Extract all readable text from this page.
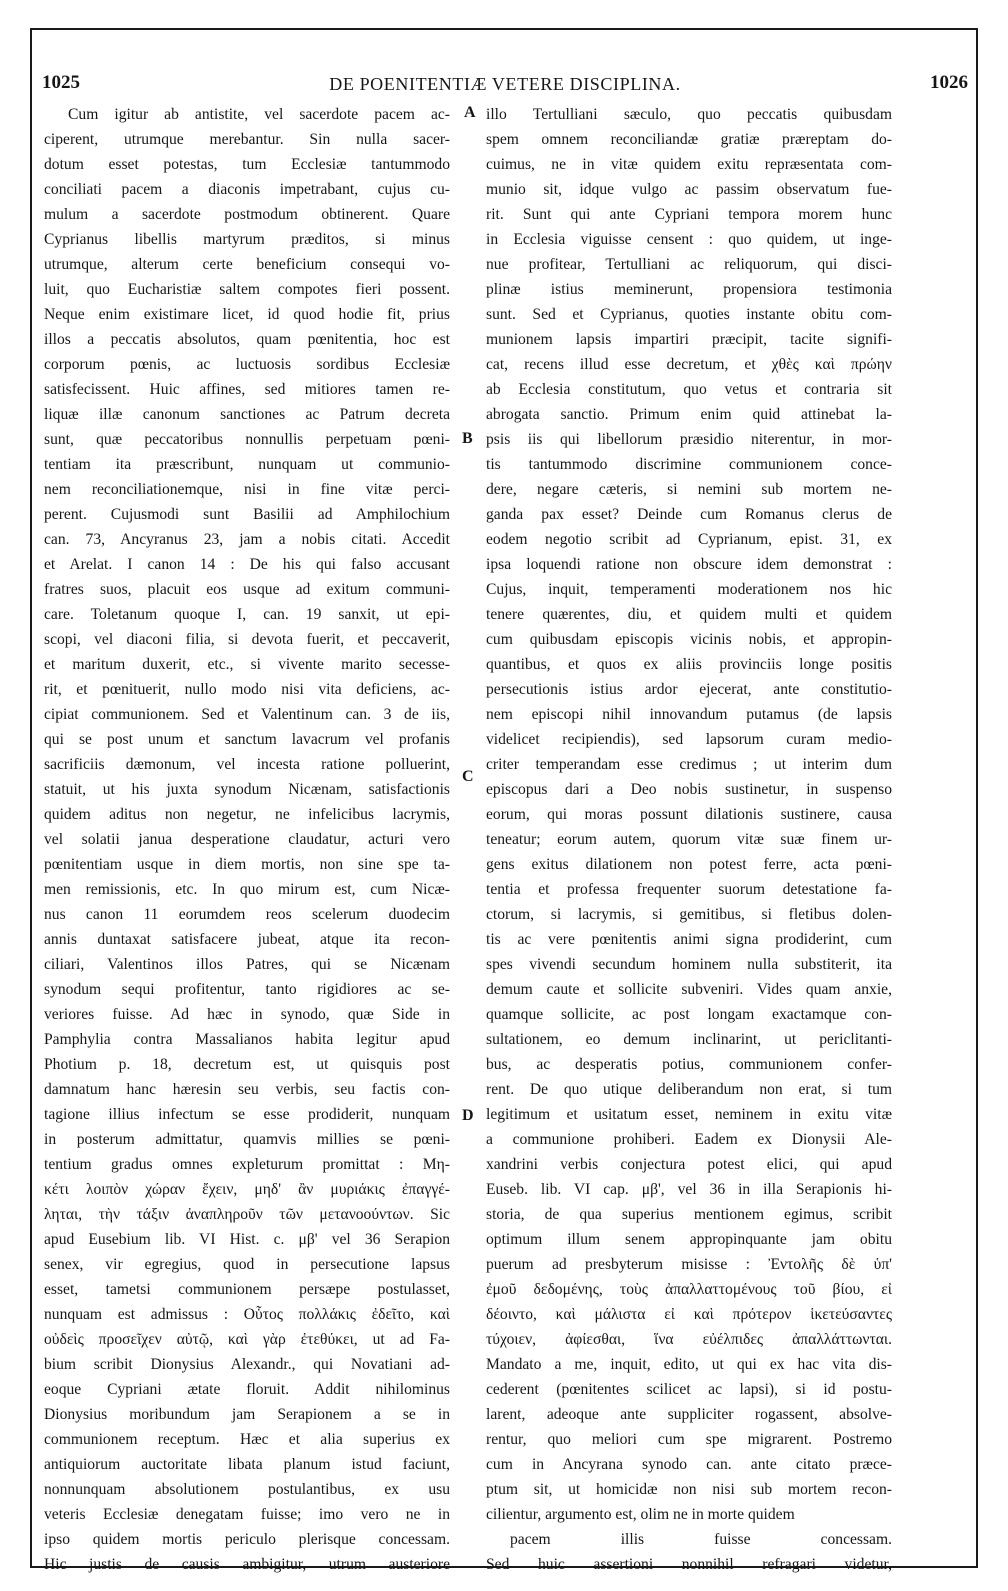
1025	DE POENITENTIÆ VETERE DISCIPLINA.	1026
A
B
C
D
Cum igitur ab antistite, vel sacerdote pacem ac-
ciperent, utrumque merebantur. Sin nulla sacer-
dotum esset potestas, tum Ecclesiæ tantummodo
conciliati pacem a diaconis impetrabant, cujus cu-
mulum a sacerdote postmodum obtinerent. Quare
Cyprianus libellis martyrum præditos, si minus
utrumque, alterum certe beneficium consequi vo-
luit, quo Eucharistiæ saltem compotes fieri possent.
Neque enim existimare licet, id quod hodie fit, prius
illos a peccatis absolutos, quam pœnitentia, hoc est
corporum pœnis, ac luctuosis sordibus Ecclesiæ
satisfecissent. Huic affines, sed mitiores tamen re-
liquæ illæ canonum sanctiones ac Patrum decreta
sunt, quæ peccatoribus nonnullis perpetuam pœni-
tentiam ita præscribunt, nunquam ut communio-
nem reconciliationemque, nisi in fine vitæ perci-
perent. Cujusmodi sunt Basilii ad Amphilochium
can. 73, Ancyranus 23, jam a nobis citati. Accedit
et Arelat. I canon 14 : De his qui falso accusant
fratres suos, placuit eos usque ad exitum communi-
care. Toletanum quoque I, can. 19 sanxit, ut epi-
scopi, vel diaconi filia, si devota fuerit, et peccaverit,
et maritum duxerit, etc., si vivente marito secesse-
rit, et pœnituerit, nullo modo nisi vita deficiens, ac-
cipiat communionem. Sed et Valentinum can. 3 de iis,
qui se post unum et sanctum lavacrum vel profanis
sacrificiis dæmonum, vel incesta ratione polluerint,
statuit, ut his juxta synodum Nicænam, satisfactionis
quidem aditus non negetur, ne infelicibus lacrymis,
vel solatii janua desperatione claudatur, acturi vero
pœnitentiam usque in diem mortis, non sine spe ta-
men remissionis, etc. In quo mirum est, cum Nicæ-
nus canon 11 eorumdem reos scelerum duodecim
annis duntaxat satisfacere jubeat, atque ita recon-
ciliari, Valentinos illos Patres, qui se Nicænam
synodum sequi profitentur, tanto rigidiores ac se-
veriores fuisse. Ad hæc in synodo, quæ Side in
Pamphylia contra Massalianos habita legitur apud
Photium p. 18, decretum est, ut quisquis post
damnatum hanc hæresin seu verbis, seu factis con-
tagione illius infectum se esse prodiderit, nunquam
in posterum admittatur, quamvis millies se pœni-
tentium gradus omnes expleturum promittat : Μη-
κέτι λοιπὸν χώραν ἔχειν, μηδ' ἂν μυριάκις ἐπαγγέ-
ληται, τὴν τάξιν ἀναπληροῦν τῶν μετανοούντων. Sic
apud Eusebium lib. VI Hist. c. μβ' vel 36 Serapion
senex, vir egregius, quod in persecutione lapsus
esset, tametsi communionem persæpe postulasset,
nunquam est admissus : Οὗτος πολλάκις ἐδεῖτο, καὶ
οὐδεὶς προσεῖχεν αὐτῷ, καὶ γὰρ ἐτεθύκει, ut ad Fa-
bium scribit Dionysius Alexandr., qui Novatiani ad-
eoque Cypriani ætate floruit. Addit nihilominus
Dionysius moribundum jam Serapionem a se in
communionem receptum. Hæc et alia superius ex
antiquiorum auctoritate libata planum istud faciunt,
nonnunquam absolutionem postulantibus, ex usu
veteris Ecclesiæ denegatam fuisse; imo vero ne in
ipso quidem mortis periculo plerisque concessam.
Hic justis de causis ambigitur, utrum austeriore
illo Tertulliani sæculo, quo peccatis quibusdam
spem omnem reconciliandæ gratiæ præreptam do-
cuimus, ne in vitæ quidem exitu repræsentata com-
munio sit, idque vulgo ac passim observatum fue-
rit. Sunt qui ante Cypriani tempora morem hunc
in Ecclesia viguisse censent : quo quidem, ut inge-
nue profitear, Tertulliani ac reliquorum, qui disci-
plinæ istius meminerunt, propensiora testimonia
sunt. Sed et Cyprianus, quoties instante obitu com-
munionem lapsis impartiri præcipit, tacite signifi-
cat, recens illud esse decretum, et χθὲς καὶ πρώην
ab Ecclesia constitutum, quo vetus et contraria sit
abrogata sanctio. Primum enim quid attinebat la-
psis iis qui libellorum præsidio niterentur, in mor-
tis tantummodo discrimine communionem conce-
dere, negare cæteris, si nemini sub mortem ne-
ganda pax esset? Deinde cum Romanus clerus de
eodem negotio scribit ad Cyprianum, epist. 31, ex
ipsa loquendi ratione non obscure idem demonstrat :
Cujus, inquit, temperamenti moderationem nos hic
tenere quærentes, diu, et quidem multi et quidem
cum quibusdam episcopis vicinis nobis, et appropin-
quantibus, et quos ex aliis provinciis longe positis
persecutionis istius ardor ejecerat, ante constitutio-
nem episcopi nihil innovandum putamus (de lapsis
videlicet recipiendis), sed lapsorum curam medio-
criter temperandam esse credimus ; ut interim dum
episcopus dari a Deo nobis sustinetur, in suspenso
eorum, qui moras possunt dilationis sustinere, causa
teneatur; eorum autem, quorum vitæ suæ finem ur-
gens exitus dilationem non potest ferre, acta pœni-
tentia et professa frequenter suorum detestatione fa-
ctorum, si lacrymis, si gemitibus, si fletibus dolen-
tis ac vere pœnitentis animi signa prodiderint, cum
spes vivendi secundum hominem nulla substiterit, ita
demum caute et sollicite subveniri. Vides quam anxie,
quamque sollicite, ac post longam exactamque con-
sultationem, eo demum inclinarint, ut periclitanti-
bus, ac desperatis potius, communionem confer-
rent. De quo utique deliberandum non erat, si tum
legitimum et usitatum esset, neminem in exitu vitæ
a communione prohiberi. Eadem ex Dionysii Ale-
xandrini verbis conjectura potest elici, qui apud
Euseb. lib. VI cap. μβ', vel 36 in illa Serapionis hi-
storia, de qua superius mentionem egimus, scribit
optimum illum senem appropinquante jam obitu
puerum ad presbyterum misisse : Ἐντολῆς δὲ ὑπ'
ἐμοῦ δεδομένης, τοὺς ἀπαλλαττομένους τοῦ βίου, εἰ
δέοιντο, καὶ μάλιστα εἰ καὶ πρότερον ἱκετεύσαντες
τύχοιεν, ἀφίεσθαι, ἵνα εὐέλπιδες ἀπαλλάττωνται.
Mandato a me, inquit, edito, ut qui ex hac vita dis-
cederent (pœnitentes scilicet ac lapsi), si id postu-
larent, adeoque ante suppliciter rogassent, absolve-
rentur, quo meliori cum spe migrarent. Postremo
cum in Ancyrana synodo can. ante citato præce-
ptum sit, ut homicidæ non nisi sub mortem recon-
cilientur, argumento est, olim ne in morte quidem
pacem illis fuisse concessam.
Sed huic assertioni nonnihil refragari videtur,
